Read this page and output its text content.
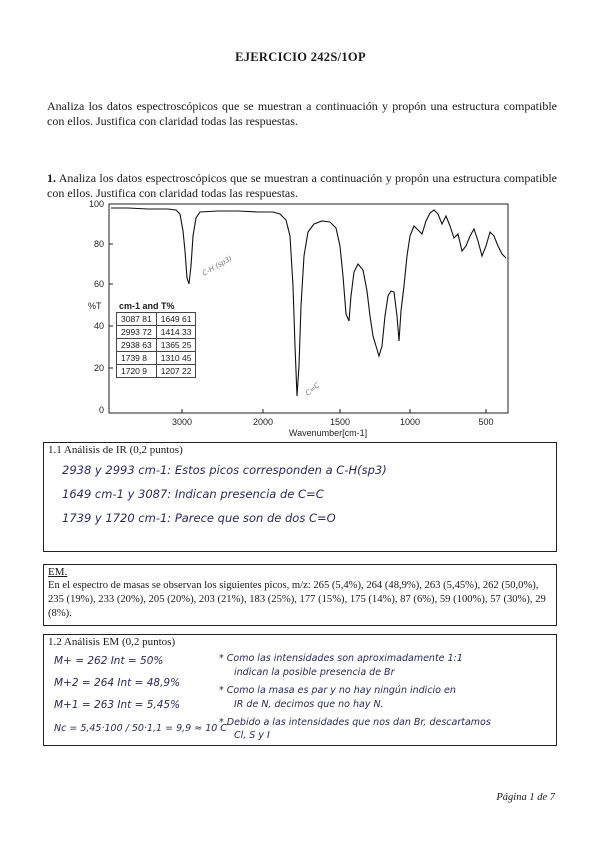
EJERCICIO 242S/1OP
Analiza los datos espectroscópicos que se muestran a continuación y propón una estructura compatible con ellos. Justifica con claridad todas las respuestas.
1. Analiza los datos espectroscópicos que se muestran a continuación y propón una estructura compatible con ellos. Justifica con claridad todas las respuestas.
100
80
60
40
20
0
%T
3000	2000	1500	1000	500
Wavenumber[cm-1]
C-H (sp3)
C=C
cm-1 and T%
3087 81	1649 61
2993 72	1414 33
2938 63	1365 25
1739 8	1310 45
1720 9	1207 22
1.1 Análisis de IR (0,2 puntos)
2938 y 2993 cm-1: Estos picos corresponden a C-H(sp3)
1649 cm-1 y 3087: Indican presencia de C=C
1739 y 1720 cm-1: Parece que son de dos C=O
EM.
En el espectro de masas se observan los siguientes picos, m/z: 265 (5,4%), 264 (48,9%), 263 (5,45%), 262 (50,0%), 235 (19%), 233 (20%), 205 (20%), 203 (21%), 183 (25%), 177 (15%), 175 (14%), 87 (6%), 59 (100%), 57 (30%), 29 (8%).
1.2 Análisis EM (0,2 puntos)
M+ = 262 Int = 50%
M+2 = 264 Int = 48,9%
M+1 = 263 Int = 5,45%
Nc = 5,45·100 / 50·1,1 = 9,9 ≈ 10 C
* Como las intensidades son aproximadamente 1:1
indican la posible presencia de Br
* Como la masa es par y no hay ningún indicio en
IR de N, decimos que no hay N.
* Debido a las intensidades que nos dan Br, descartamos
Cl, S y I
Página 1 de 7
